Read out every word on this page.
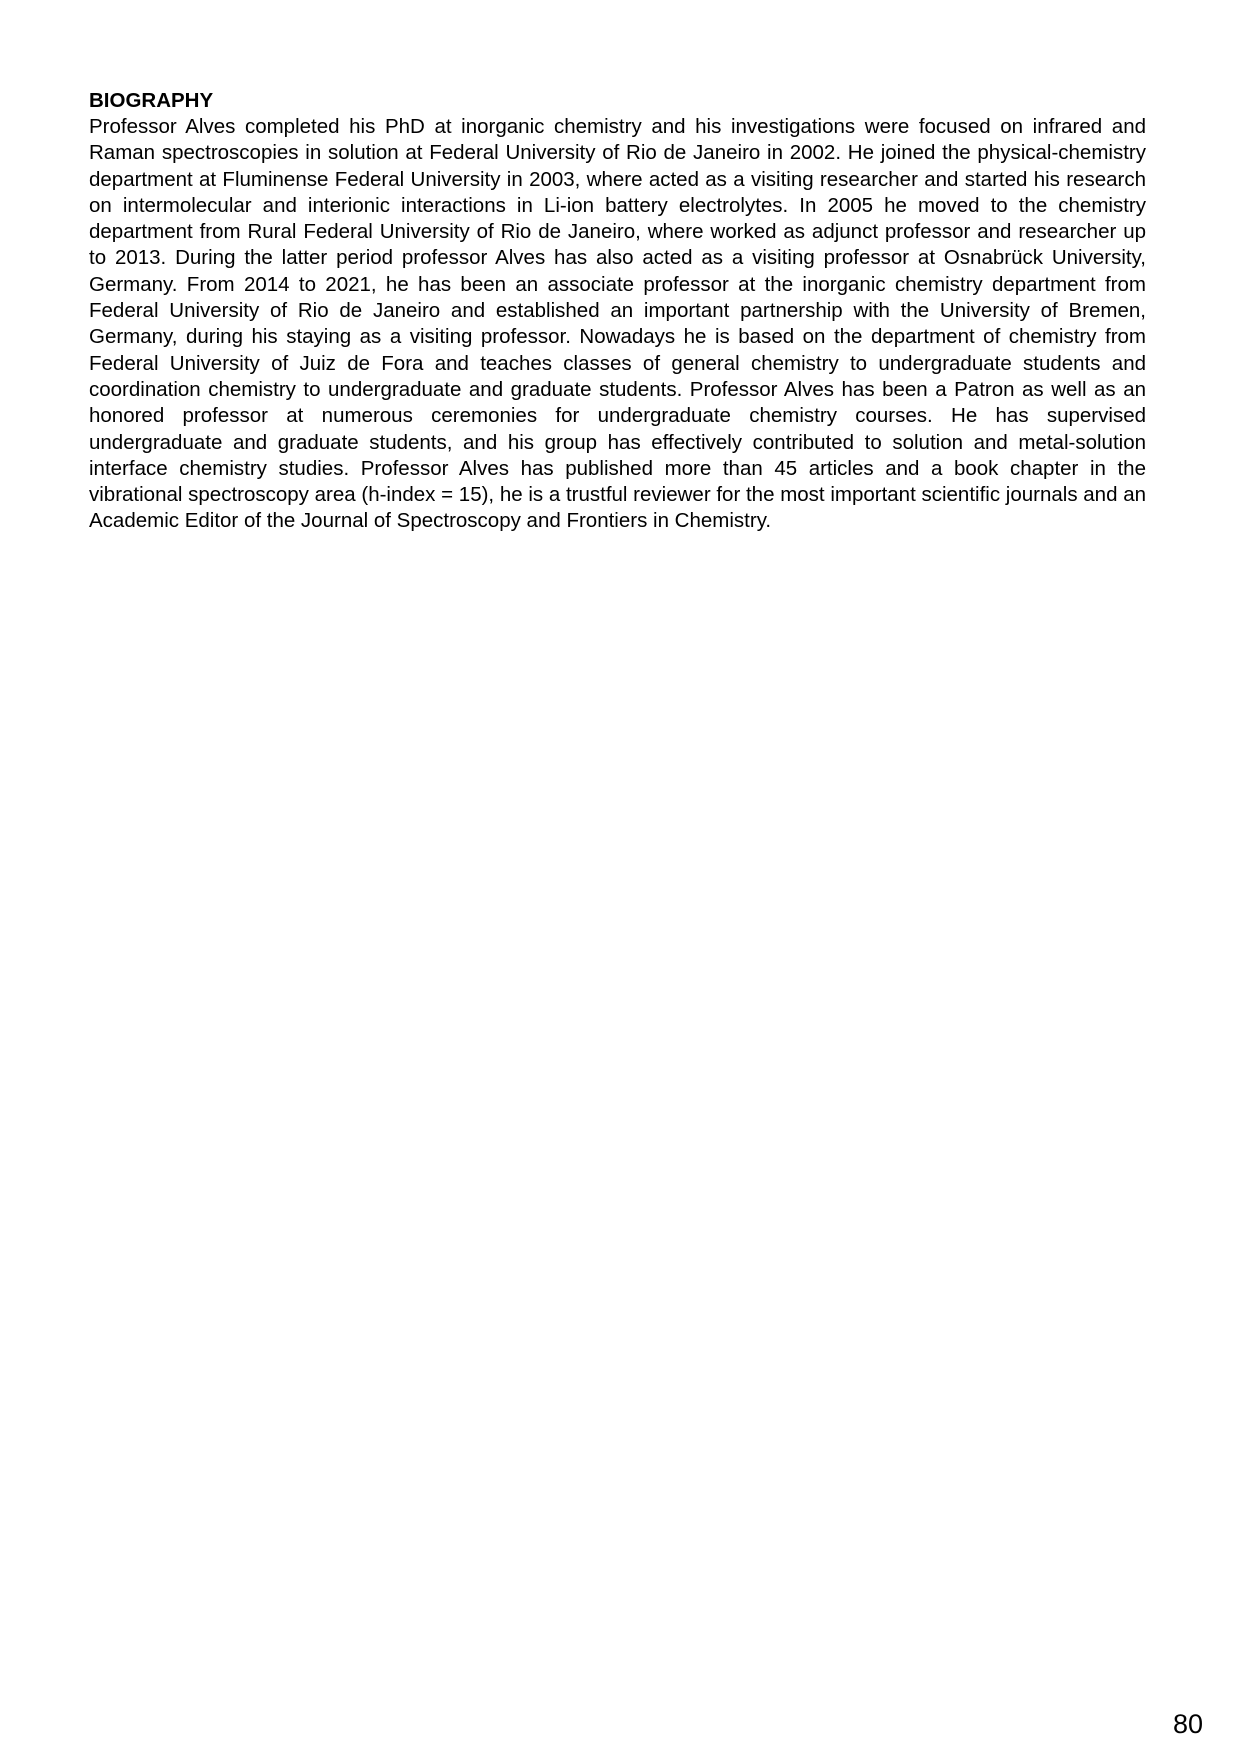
BIOGRAPHY

Professor Alves completed his PhD at inorganic chemistry and his investigations were focused on infrared and Raman spectroscopies in solution at Federal University of Rio de Janeiro in 2002. He joined the physical-chemistry department at Fluminense Federal University in 2003, where acted as a visiting researcher and started his research on intermolecular and interionic interactions in Li-ion battery electrolytes. In 2005 he moved to the chemistry department from Rural Federal University of Rio de Janeiro, where worked as adjunct professor and researcher up to 2013. During the latter period professor Alves has also acted as a visiting professor at Osnabrück University, Germany. From 2014 to 2021, he has been an associate professor at the inorganic chemistry department from Federal University of Rio de Janeiro and established an important partnership with the University of Bremen, Germany, during his staying as a visiting professor. Nowadays he is based on the department of chemistry from Federal University of Juiz de Fora and teaches classes of general chemistry to undergraduate students and coordination chemistry to undergraduate and graduate students. Professor Alves has been a Patron as well as an honored professor at numerous ceremonies for undergraduate chemistry courses. He has supervised undergraduate and graduate students, and his group has effectively contributed to solution and metal-solution interface chemistry studies. Professor Alves has published more than 45 articles and a book chapter in the vibrational spectroscopy area (h-index = 15), he is a trustful reviewer for the most important scientific journals and an Academic Editor of the Journal of Spectroscopy and Frontiers in Chemistry.

80
